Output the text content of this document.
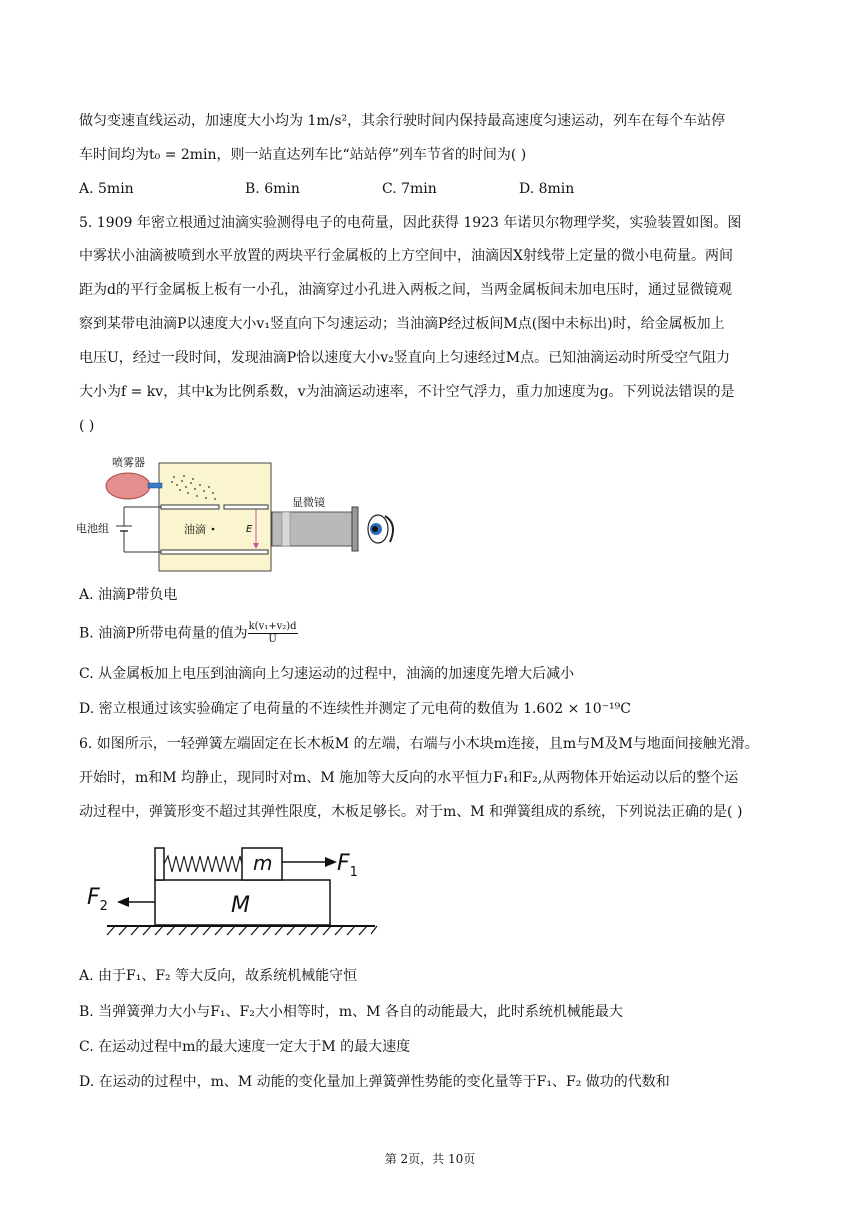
做匀变速直线运动，加速度大小均为 1m/s²，其余行驶时间内保持最高速度匀速运动，列车在每个车站停
车时间均为t₀ = 2min，则一站直达列车比“站站停”列车节省的时间为( )
A. 5min	B. 6min	C. 7min	D. 8min
5. 1909 年密立根通过油滴实验测得电子的电荷量，因此获得 1923 年诺贝尔物理学奖，实验装置如图。图
中雾状小油滴被喷到水平放置的两块平行金属板的上方空间中，油滴因X射线带上定量的微小电荷量。两间
距为d的平行金属板上板有一小孔，油滴穿过小孔进入两板之间，当两金属板间未加电压时，通过显微镜观
察到某带电油滴P以速度大小v₁竖直向下匀速运动；当油滴P经过板间M点(图中未标出)时，给金属板加上
电压U，经过一段时间，发现油滴P恰以速度大小v₂竖直向上匀速经过M点。已知油滴运动时所受空气阻力
大小为f = kv，其中k为比例系数，v为油滴运动速率，不计空气浮力，重力加速度为g。下列说法错误的是
( )
喷雾器
E
油滴
电池组
显微镜
A. 油滴P带负电
B. 油滴P所带电荷量的值为 $\frac{\text{k(v₁+v₂)d}}{U}$
C. 从金属板加上电压到油滴向上匀速运动的过程中，油滴的加速度先增大后减小
D. 密立根通过该实验确定了电荷量的不连续性并测定了元电荷的数值为 1.602 × 10⁻¹⁹C
6. 如图所示，一轻弹簧左端固定在长木板M 的左端，右端与小木块m连接，且m与M及M与地面间接触光滑。
开始时，m和M 均静止，现同时对m、M 施加等大反向的水平恒力F₁和F₂,从两物体开始运动以后的整个运
动过程中，弹簧形变不超过其弹性限度，木板足够长。对于m、M 和弹簧组成的系统，下列说法正确的是( )
M
m	$F_1$
$F_2$
A. 由于F₁、F₂ 等大反向，故系统机械能守恒
B. 当弹簧弹力大小与F₁、F₂大小相等时，m、M 各自的动能最大，此时系统机械能最大
C. 在运动过程中m的最大速度一定大于M 的最大速度
D. 在运动的过程中，m、M 动能的变化量加上弹簧弹性势能的变化量等于F₁、F₂ 做功的代数和
第 2页，共 10页
